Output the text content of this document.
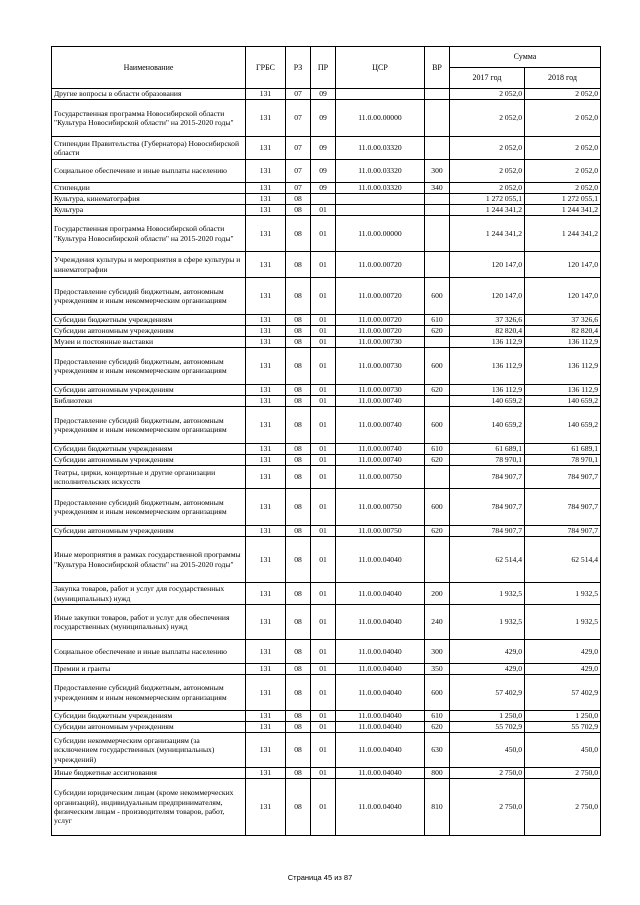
Наименование	ГРБС	РЗ	ПР	ЦСР	ВР	Сумма	
						2017 год	2018 год
Другие вопросы в области образования	131	07	09			2 052,0	2 052,0
Государственная программа Новосибирской области "Культура Новосибирской области" на 2015-2020 годы"	131	07	09	11.0.00.00000		2 052,0	2 052,0
Стипендии Правительства (Губернатора) Новосибирской области	131	07	09	11.0.00.03320		2 052,0	2 052,0
Социальное обеспечение и иные выплаты населению	131	07	09	11.0.00.03320	300	2 052,0	2 052,0
Стипендии	131	07	09	11.0.00.03320	340	2 052,0	2 052,0
Культура, кинематография	131	08				1 272 055,1	1 272 055,1
Культура	131	08	01			1 244 341,2	1 244 341,2
Государственная программа Новосибирской области "Культура Новосибирской области" на 2015-2020 годы"	131	08	01	11.0.00.00000		1 244 341,2	1 244 341,2
Учреждения культуры и мероприятия в сфере культуры и кинематографии	131	08	01	11.0.00.00720		120 147,0	120 147,0
Предоставление субсидий бюджетным, автономным учреждениям и иным некоммерческим организациям	131	08	01	11.0.00.00720	600	120 147,0	120 147,0
Субсидии бюджетным учреждениям	131	08	01	11.0.00.00720	610	37 326,6	37 326,6
Субсидии автономным учреждениям	131	08	01	11.0.00.00720	620	82 820,4	82 820,4
Музеи и постоянные выставки	131	08	01	11.0.00.00730		136 112,9	136 112,9
Предоставление субсидий бюджетным, автономным учреждениям и иным некоммерческим организациям	131	08	01	11.0.00.00730	600	136 112,9	136 112,9
Субсидии автономным учреждениям	131	08	01	11.0.00.00730	620	136 112,9	136 112,9
Библиотеки	131	08	01	11.0.00.00740		140 659,2	140 659,2
Предоставление субсидий бюджетным, автономным учреждениям и иным некоммерческим организациям	131	08	01	11.0.00.00740	600	140 659,2	140 659,2
Субсидии бюджетным учреждениям	131	08	01	11.0.00.00740	610	61 689,1	61 689,1
Субсидии автономным учреждениям	131	08	01	11.0.00.00740	620	78 970,1	78 970,1
Театры, цирки, концертные и другие организации исполнительских искусств	131	08	01	11.0.00.00750		784 907,7	784 907,7
Предоставление субсидий бюджетным, автономным учреждениям и иным некоммерческим организациям	131	08	01	11.0.00.00750	600	784 907,7	784 907,7
Субсидии автономным учреждениям	131	08	01	11.0.00.00750	620	784 907,7	784 907,7
Иные мероприятия в рамках государственной программы "Культура Новосибирской области" на 2015-2020 годы"	131	08	01	11.0.00.04040		62 514,4	62 514,4
Закупка товаров, работ и услуг для государственных (муниципальных) нужд	131	08	01	11.0.00.04040	200	1 932,5	1 932,5
Иные закупки товаров, работ и услуг для обеспечения государственных (муниципальных) нужд	131	08	01	11.0.00.04040	240	1 932,5	1 932,5
Социальное обеспечение и иные выплаты населению	131	08	01	11.0.00.04040	300	429,0	429,0
Премии и гранты	131	08	01	11.0.00.04040	350	429,0	429,0
Предоставление субсидий бюджетным, автономным учреждениям и иным некоммерческим организациям	131	08	01	11.0.00.04040	600	57 402,9	57 402,9
Субсидии бюджетным учреждениям	131	08	01	11.0.00.04040	610	1 250,0	1 250,0
Субсидии автономным учреждениям	131	08	01	11.0.00.04040	620	55 702,9	55 702,9
Субсидии некоммерческим организациям (за исключением государственных (муниципальных) учреждений)	131	08	01	11.0.00.04040	630	450,0	450,0
Иные бюджетные ассигнования	131	08	01	11.0.00.04040	800	2 750,0	2 750,0
Субсидии юридическим лицам (кроме некоммерческих организаций), индивидуальным предпринимателям, физическим лицам - производителям товаров, работ, услуг	131	08	01	11.0.00.04040	810	2 750,0	2 750,0
Страница 45 из 87
